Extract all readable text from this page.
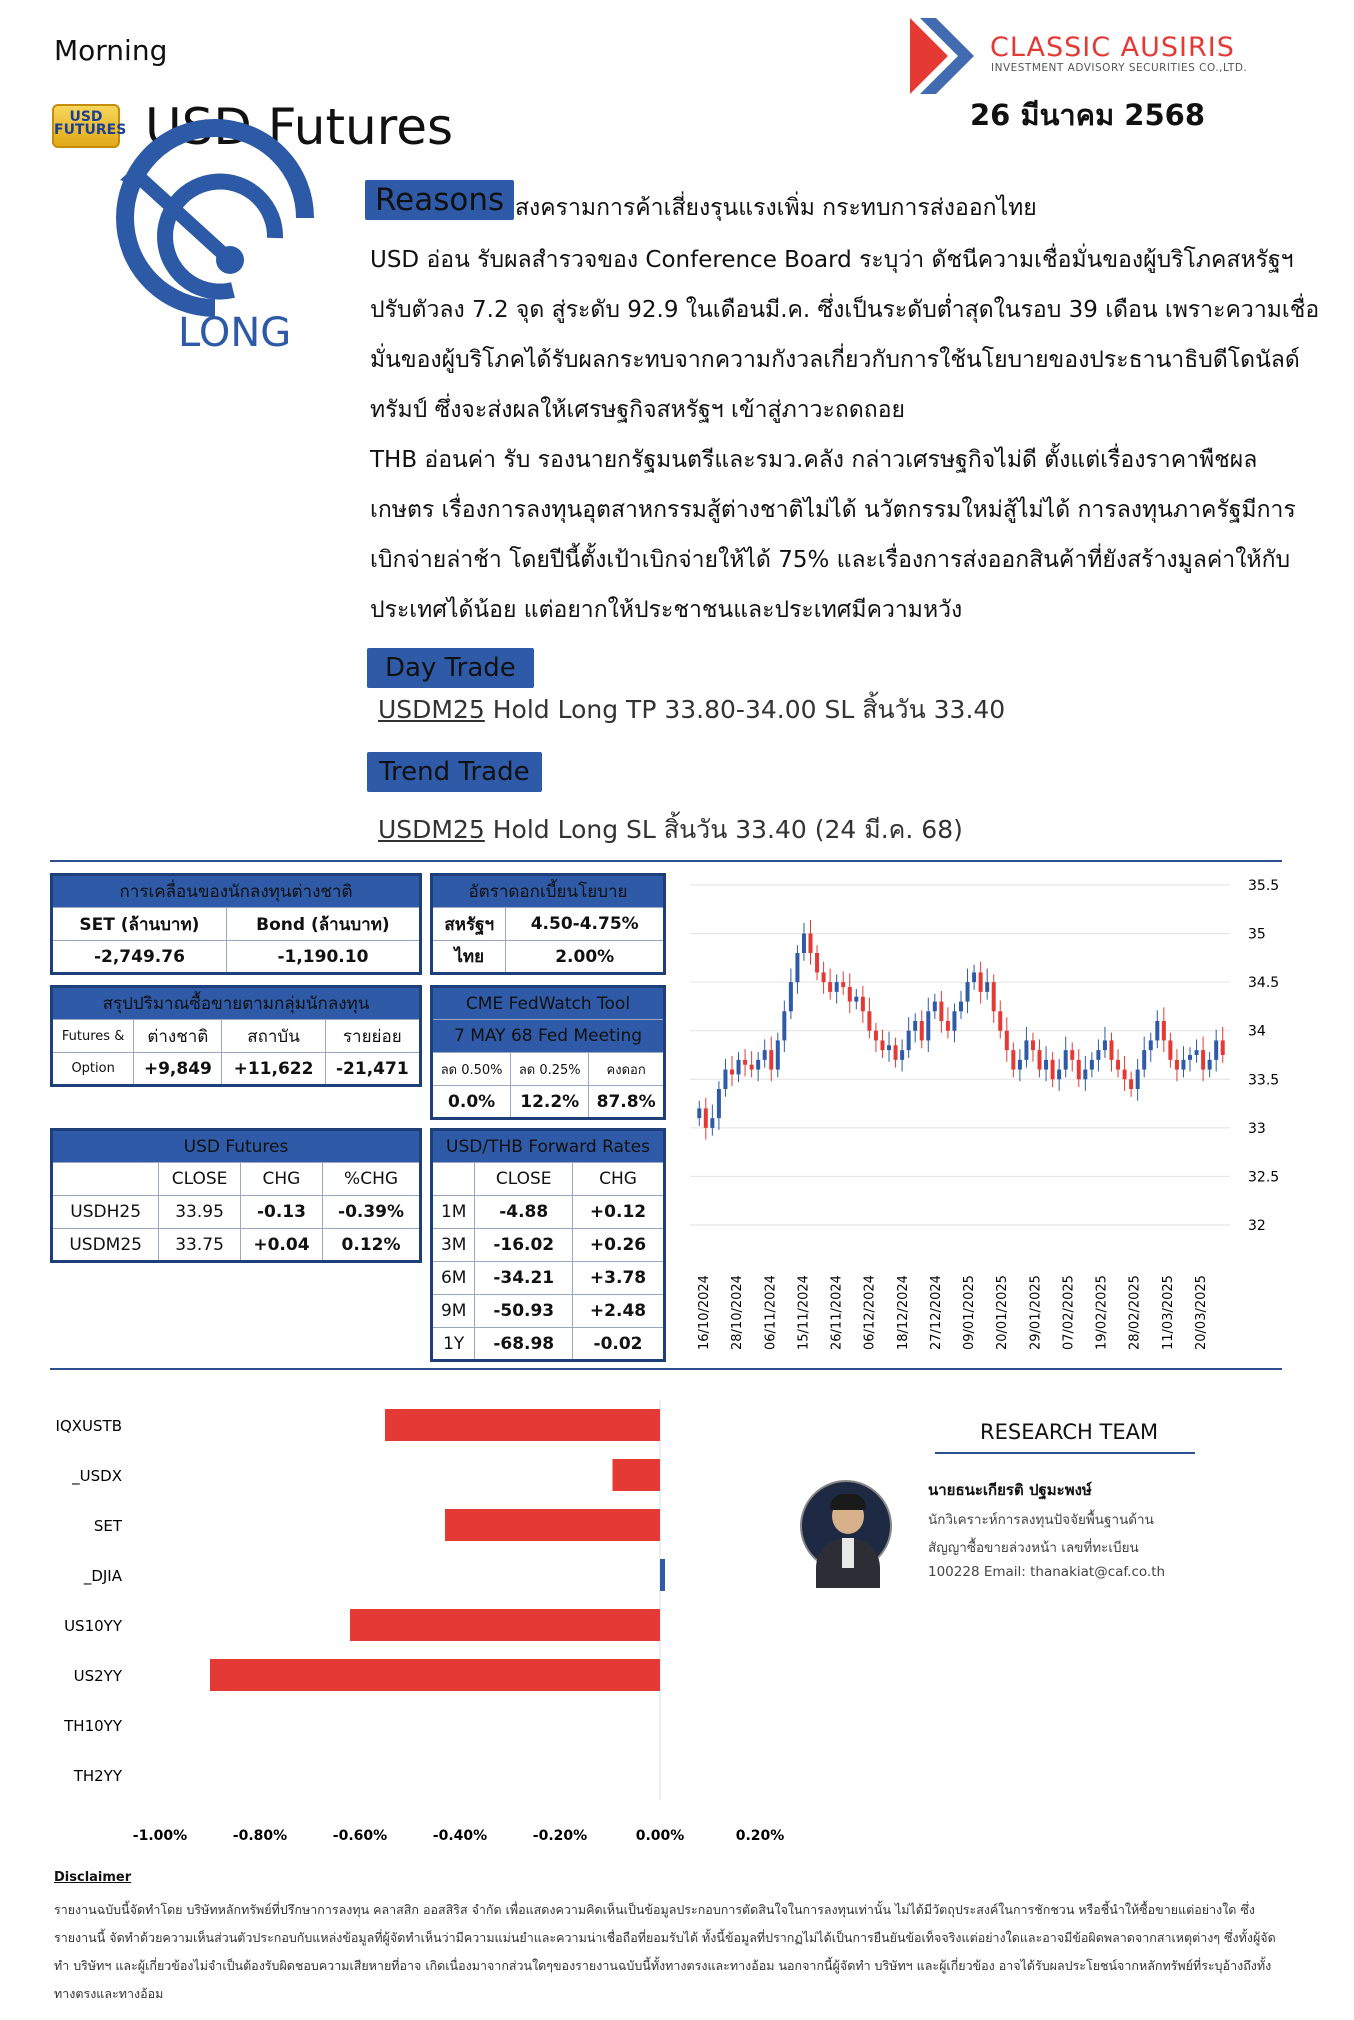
Morning
USD FUTURES USD Futures
CLASSIC AUSIRIS
INVESTMENT ADVISORY SECURITIES CO.,LTD.
26 มีนาคม 2568
LONG
Reasons สงครามการค้าเสี่ยงรุนแรงเพิ่ม กระทบการส่งออกไทย
USD อ่อน รับผลสำรวจของ Conference Board ระบุว่า ดัชนีความเชื่อมั่นของผู้บริโภคสหรัฐฯ ปรับตัวลง 7.2 จุด สู่ระดับ 92.9 ในเดือนมี.ค. ซึ่งเป็นระดับต่ำสุดในรอบ 39 เดือน เพราะความเชื่อมั่นของผู้บริโภคได้รับผลกระทบจากความกังวลเกี่ยวกับการใช้นโยบายของประธานาธิบดีโดนัลด์ ทรัมป์ ซึ่งจะส่งผลให้เศรษฐกิจสหรัฐฯ เข้าสู่ภาวะถดถอย
THB อ่อนค่า รับ รองนายกรัฐมนตรีและรมว.คลัง กล่าวเศรษฐกิจไม่ดี ตั้งแต่เรื่องราคาพืชผลเกษตร เรื่องการลงทุนอุตสาหกรรมสู้ต่างชาติไม่ได้ นวัตกรรมใหม่สู้ไม่ได้ การลงทุนภาครัฐมีการเบิกจ่ายล่าช้า โดยปีนี้ตั้งเป้าเบิกจ่ายให้ได้ 75% และเรื่องการส่งออกสินค้าที่ยังสร้างมูลค่าให้กับประเทศได้น้อย แต่อยากให้ประชาชนและประเทศมีความหวัง
Day Trade
USDM25 Hold Long TP 33.80-34.00 SL สิ้นวัน 33.40
Trend Trade
USDM25 Hold Long SL สิ้นวัน 33.40 (24 มี.ค. 68)
การเคลื่อนของนักลงทุนต่างชาติ	
SET (ล้านบาท)	Bond (ล้านบาท)
-2,749.76	-1,190.10
อัตราดอกเบี้ยนโยบาย	
สหรัฐฯ	4.50-4.75%
ไทย	2.00%
สรุปปริมาณซื้อขายตามกลุ่มนักลงทุน			
Futures &	ต่างชาติ	สถาบัน	รายย่อย
Option	+9,849	+11,622	-21,471
CME FedWatch Tool		
7 MAY 68 Fed Meeting		
ลด 0.50%	ลด 0.25%	คงดอก
0.0%	12.2%	87.8%
USD Futures			
	CLOSE	CHG	%CHG
USDH25	33.95	-0.13	-0.39%
USDM25	33.75	+0.04	0.12%
USD/THB Forward Rates		
	CLOSE	CHG
1M	-4.88	+0.12
3M	-16.02	+0.26
6M	-34.21	+3.78
9M	-50.93	+2.48
1Y	-68.98	-0.02
35.5
35
34.5
34
33.5
33
32.5
32
16/10/2024 28/10/2024 06/11/2024 15/11/2024 26/11/2024 06/12/2024 18/12/2024 27/12/2024 09/01/2025 20/01/2025 29/01/2025 07/02/2025 19/02/2025 28/02/2025 11/03/2025 20/03/2025
IQXUSTB
_USDX
SET
_DJIA
US10YY
US2YY
TH10YY
TH2YY
-1.00%	-0.80%	-0.60%	-0.40%	-0.20%	0.00%	0.20%
RESEARCH TEAM
นายธนะเกียรติ ปฐมะพงษ์
นักวิเคราะห์การลงทุนปัจจัยพื้นฐานด้าน
สัญญาซื้อขายล่วงหน้า เลขที่ทะเบียน
100228 Email: thanakiat@caf.co.th
Disclaimer
รายงานฉบับนี้จัดทำโดย บริษัทหลักทรัพย์ที่ปรึกษาการลงทุน คลาสสิก ออสสิริส จำกัด เพื่อแสดงความคิดเห็นเป็นข้อมูลประกอบการตัดสินใจในการลงทุนเท่านั้น ไม่ได้มีวัตถุประสงค์ในการชักชวน หรือชี้นำให้ซื้อขายแต่อย่างใด ซึ่งรายงานนี้ จัดทำด้วยความเห็นส่วนตัวประกอบกับแหล่งข้อมูลที่ผู้จัดทำเห็นว่ามีความแม่นยำและความน่าเชื่อถือที่ยอมรับได้ ทั้งนี้ข้อมูลที่ปรากฏไม่ได้เป็นการยืนยันข้อเท็จจริงแต่อย่างใดและอาจมีข้อผิดพลาดจากสาเหตุต่างๆ ซึ่งทั้งผู้จัดทำ บริษัทฯ และผู้เกี่ยวข้องไม่จำเป็นต้องรับผิดชอบความเสียหายที่อาจ เกิดเนื่องมาจากส่วนใดๆของรายงานฉบับนี้ทั้งทางตรงและทางอ้อม นอกจากนี้ผู้จัดทำ บริษัทฯ และผู้เกี่ยวข้อง อาจได้รับผลประโยชน์จากหลักทรัพย์ที่ระบุอ้างถึงทั้งทางตรงและทางอ้อม
